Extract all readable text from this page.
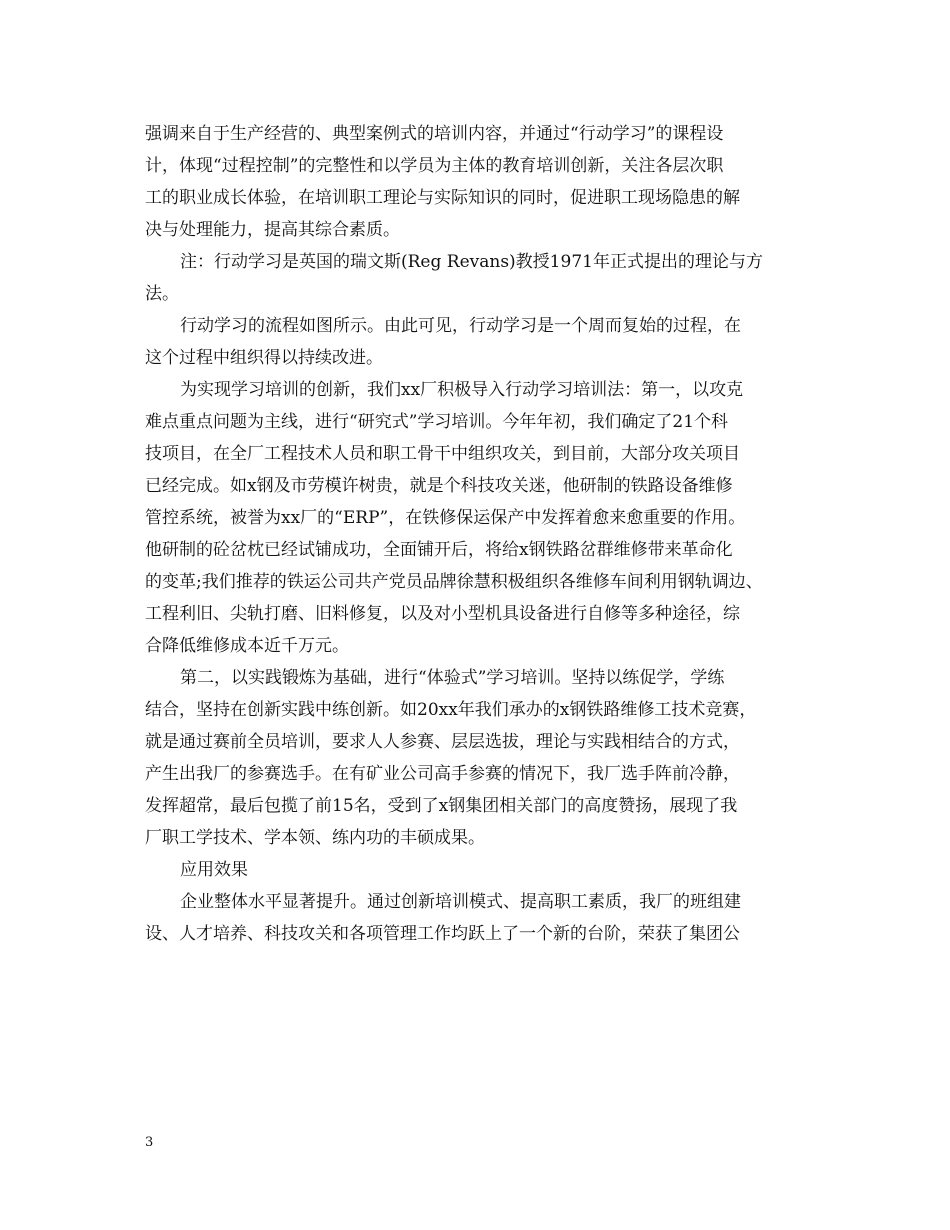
强调来自于生产经营的、典型案例式的培训内容，并通过“行动学习”的课程设
计，体现“过程控制”的完整性和以学员为主体的教育培训创新，关注各层次职
工的职业成长体验，在培训职工理论与实际知识的同时，促进职工现场隐患的解
决与处理能力，提高其综合素质。
注：行动学习是英国的瑞文斯(Reg Revans)教授1971年正式提出的理论与方
法。
行动学习的流程如图所示。由此可见，行动学习是一个周而复始的过程，在
这个过程中组织得以持续改进。
为实现学习培训的创新，我们xx厂积极导入行动学习培训法：第一，以攻克
难点重点问题为主线，进行“研究式”学习培训。今年年初，我们确定了21个科
技项目，在全厂工程技术人员和职工骨干中组织攻关，到目前，大部分攻关项目
已经完成。如x钢及市劳模许树贵，就是个科技攻关迷，他研制的铁路设备维修
管控系统，被誉为xx厂的“ERP”，在铁修保运保产中发挥着愈来愈重要的作用。
他研制的砼岔枕已经试铺成功，全面铺开后，将给x钢铁路岔群维修带来革命化
的变革;我们推荐的铁运公司共产党员品牌徐慧积极组织各维修车间利用钢轨调边、
工程利旧、尖轨打磨、旧料修复，以及对小型机具设备进行自修等多种途径，综
合降低维修成本近千万元。
第二，以实践锻炼为基础，进行“体验式”学习培训。坚持以练促学，学练
结合，坚持在创新实践中练创新。如20xx年我们承办的x钢铁路维修工技术竞赛，
就是通过赛前全员培训，要求人人参赛、层层选拔，理论与实践相结合的方式，
产生出我厂的参赛选手。在有矿业公司高手参赛的情况下，我厂选手阵前冷静，
发挥超常，最后包揽了前15名，受到了x钢集团相关部门的高度赞扬，展现了我
厂职工学技术、学本领、练内功的丰硕成果。
应用效果
企业整体水平显著提升。通过创新培训模式、提高职工素质，我厂的班组建
设、人才培养、科技攻关和各项管理工作均跃上了一个新的台阶，荣获了集团公
3
